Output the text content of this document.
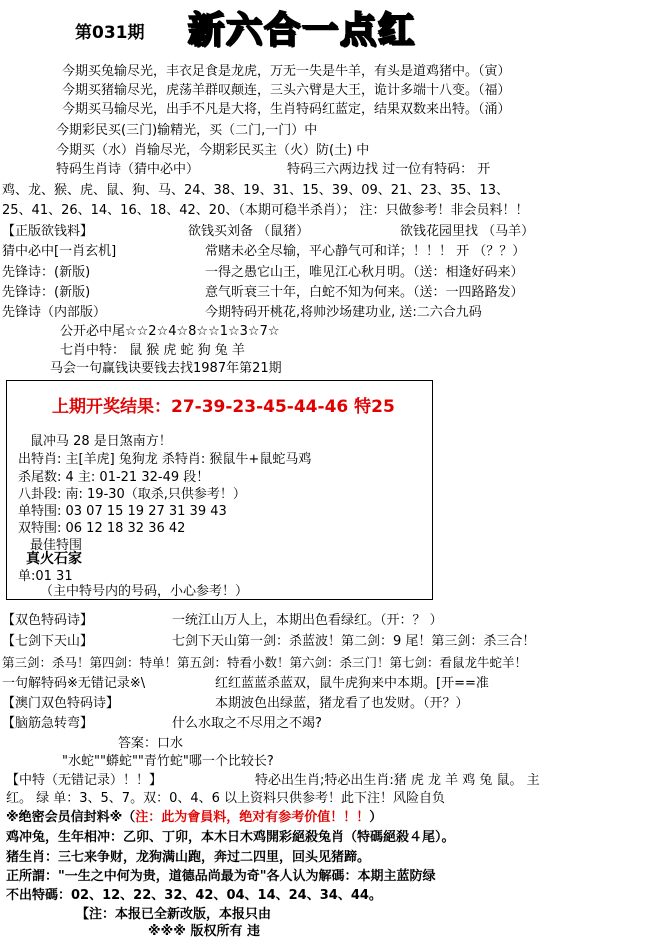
第031期 新六合一点红
今期买兔输尽光，丰衣足食是龙虎，万无一失是牛羊，有头是道鸡猪中。（寅）
今期买猪输尽光，虎荡羊群叹颠连，三头六臂是大王，诡计多端十八变。（福）
今期买马输尽光，出手不凡是大将，生肖特码红蓝定，结果双数来出特。（涌）
今期彩民买(三门)输精光，买（二门,一门）中
今期买（水）肖输尽光，今期彩民买主（火）防(土) 中
特码生肖诗（猜中必中）	特码三六两边找 过一位有特码： 开
鸡、龙、猴、虎、鼠、狗、马、24、38、19、31、15、39、09、21、23、35、13、
25、41、26、14、16、18、42、20、（本期可稳半杀肖）； 注：只做参考！非会员料！！
【正版欲钱料】	欲钱买刘备 （鼠猪）	欲钱花园里找 （马羊）
猜中必中[一肖玄机]	常赌未必全尽输，平心静气可和详；！！！ 开 （？？）
先锋诗：(新版)	一得之愚它山王，唯见江心秋月明。（送：相逢好码来）
先锋诗：(新版)	意气昕衰三十年，白蛇不知为何来。（送：一四路路发）
先锋诗（内部版）	今期特码开桃花,将帅沙场建功业, 送:二六合九码
公开必中尾☆☆2☆4☆8☆☆1☆3☆7☆
七肖中特： 鼠 猴 虎 蛇 狗 兔 羊
马会一句赢钱诀要钱去找1987年第21期
上期开奖结果：27-39-23-45-44-46 特25
鼠冲马 28 是日煞南方！
出特肖: 主[羊虎] 兔狗龙 杀特肖: 猴鼠牛+鼠蛇马鸡
杀尾数: 4 主: 01-21 32-49 段！
八卦段: 南: 19-30（取杀,只供参考！）
单特围: 03 07 15 19 27 31 39 43
双特围: 06 12 18 32 36 42
最佳特围
真火石家
单:01 31
（主中特号内的号码，小心参考！）
【双色特码诗】	一统江山万人上，本期出色看绿红。（开：？ ）
【七剑下天山】	七剑下天山第一剑：杀蓝波！第二剑：9 尾！第三剑：杀三合！
第三剑：杀马！第四剑：特单！第五剑：特看小数！第六剑：杀三门！第七剑：看鼠龙牛蛇羊！
一句解特码※无错记录※\	红红蓝蓝杀蓝双，鼠牛虎狗来中本期。[开==准
【澳门双色特码诗】	本期波色出绿蓝，猪龙看了也发财。（开？）
【脑筋急转弯】	什么水取之不尽用之不竭?
答案：口水
"水蛇""蟒蛇""青竹蛇"哪一个比较长?
【中特（无错记录）！！】	特必出生肖;特必出生肖:猪 虎 龙 羊 鸡 兔 鼠。 主
红。 绿 单：3、5、7。双：0、4、6 以上资料只供参考！此下注！风险自负
※绝密会员信封料※（注：此为會員料，绝对有参考价值！！！）
鸡冲兔，生年相冲：乙卯、丁卯，本木日木鸡開彩絕殺兔肖（特碼絕殺４尾）。
猪生肖：三七来争财，龙狗满山跑，奔过二四里，回头见猪蹄。
正所謂："一生之中何为贵，道德品尚最为奇"各人认为解碼：本期主蓝防绿
不出特碼：02、12、22、32、42、04、14、24、34、44。
【注：本报已全新改版，本报只由
※※※ 版权所有 违
